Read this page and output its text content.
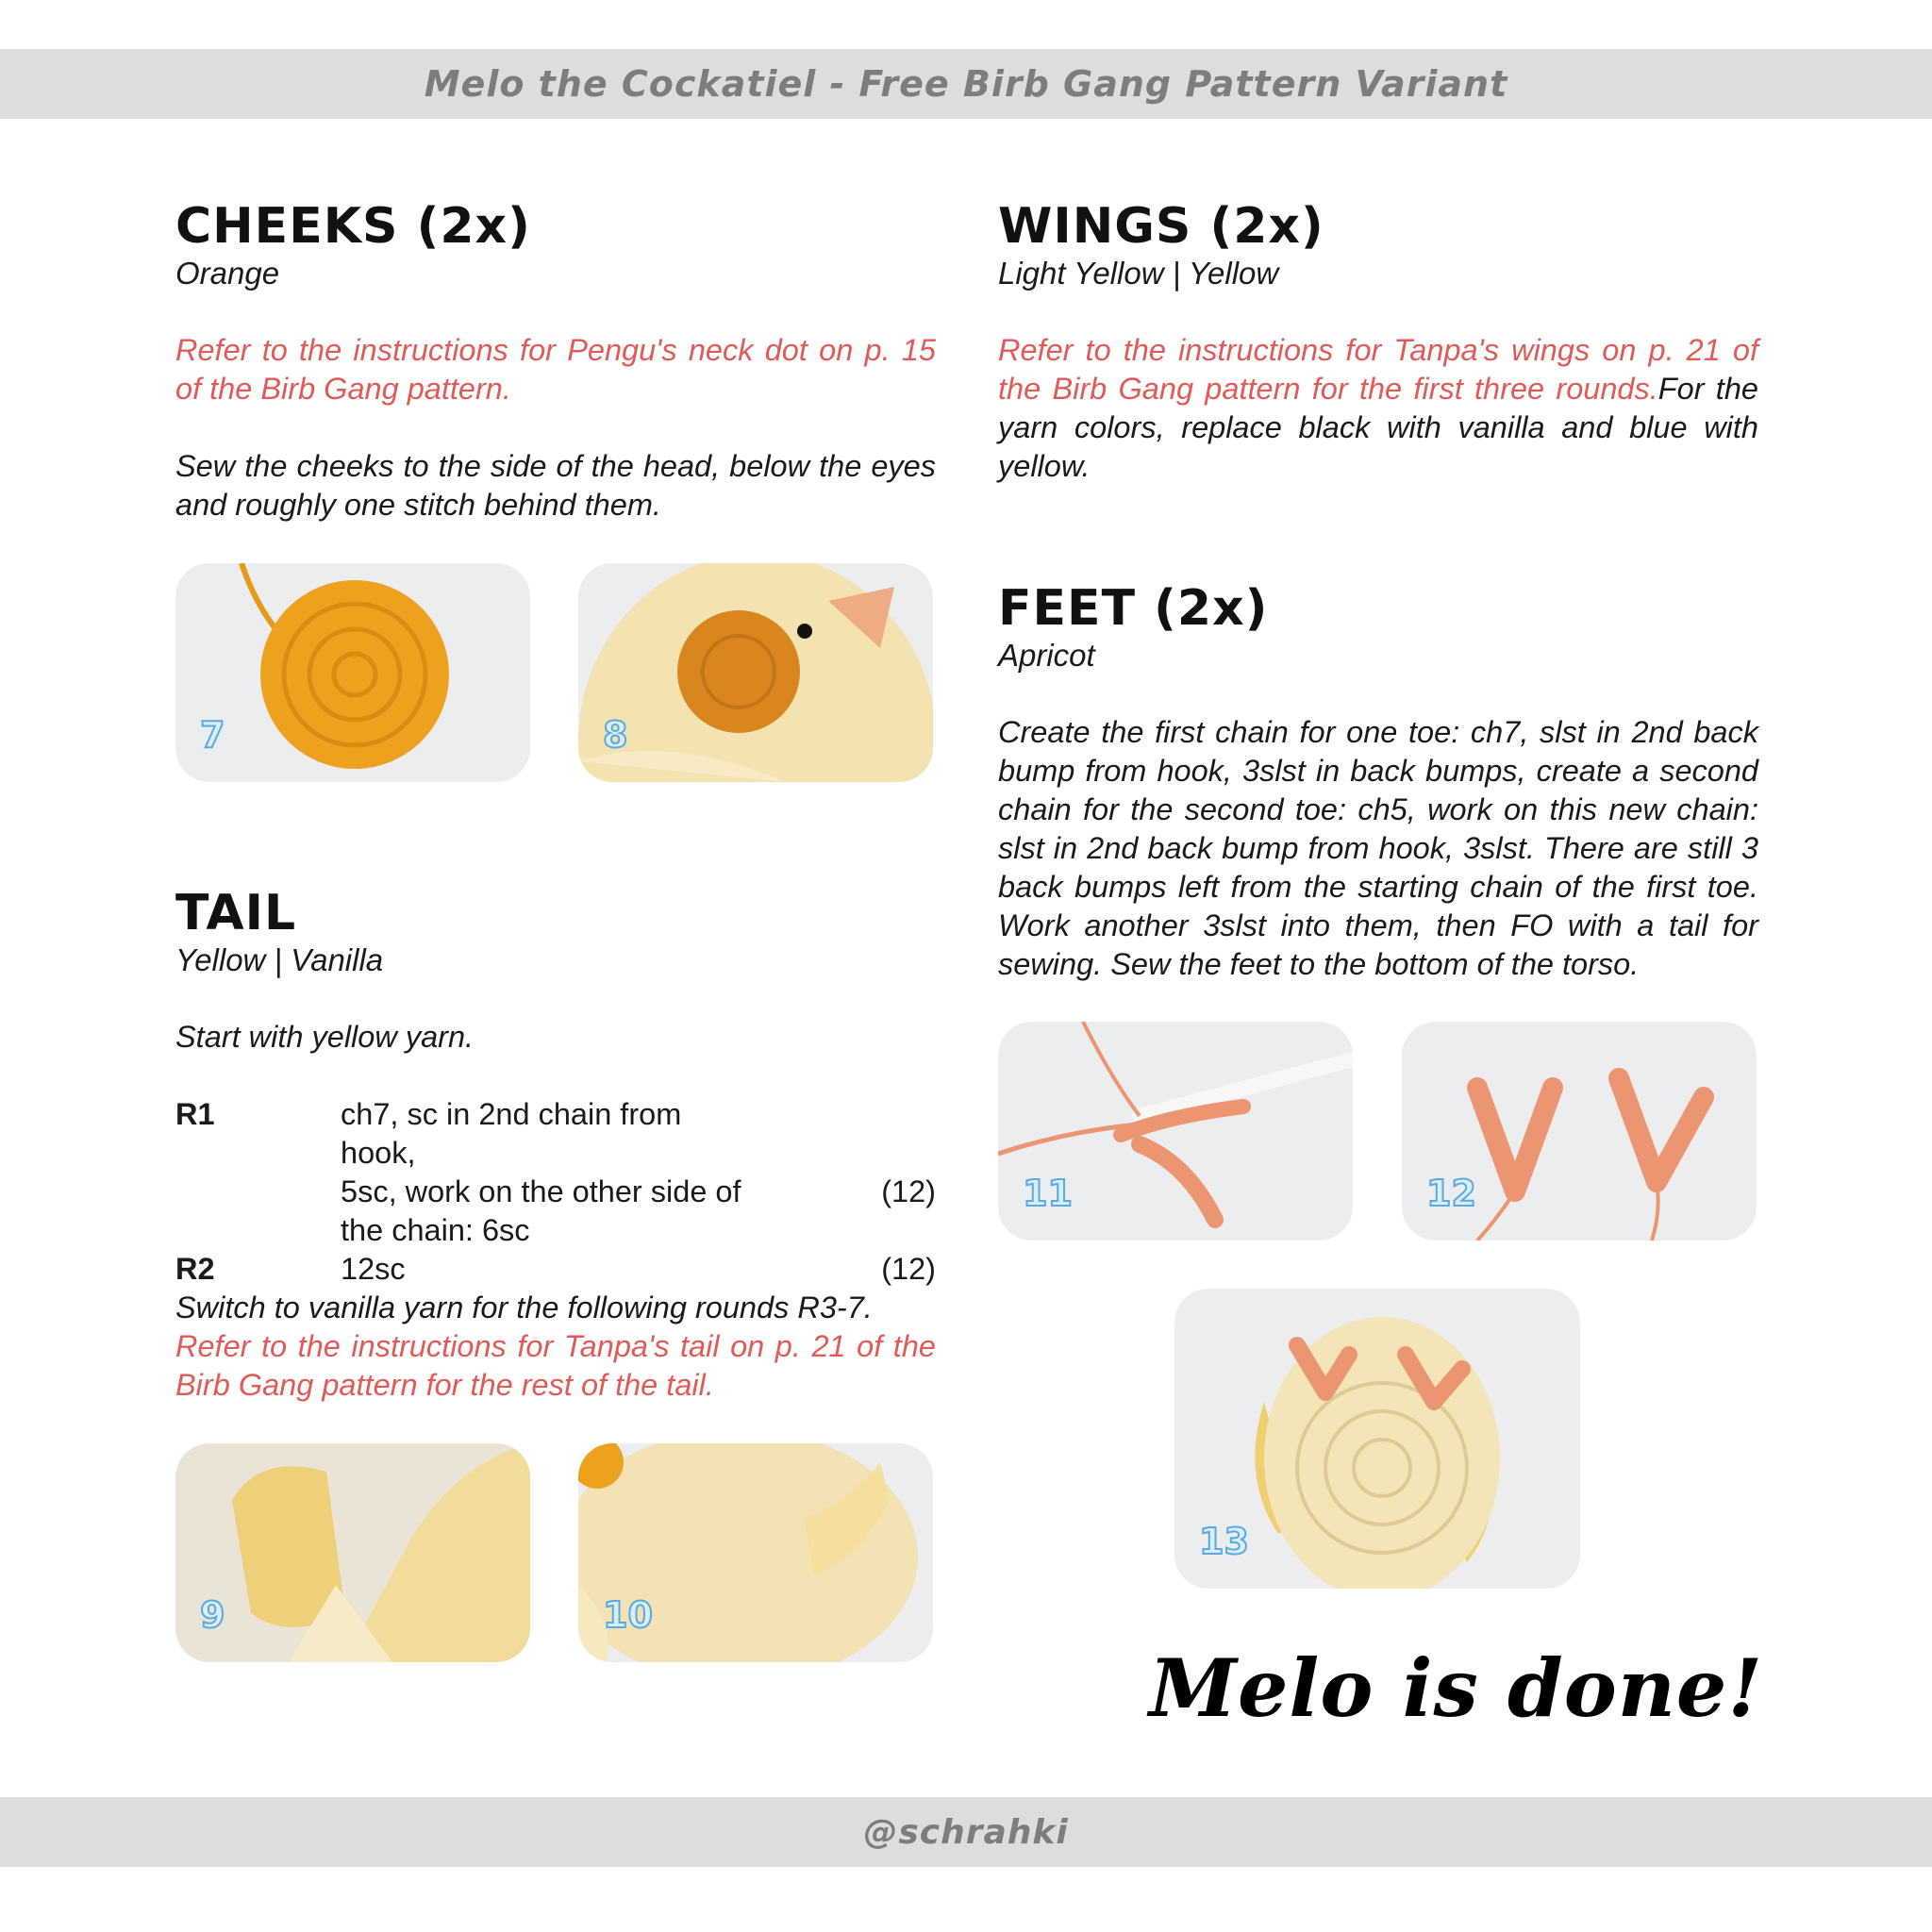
Melo the Cockatiel - Free Birb Gang Pattern Variant
CHEEKS (2x)

Orange

Refer to the instructions for Pengu's neck dot on p. 15 of the Birb Gang pattern.

Sew the cheeks to the side of the head, below the eyes and roughly one stitch behind them.

7	8
TAIL

Yellow | Vanilla

Start with yellow yarn.

R1	ch7, sc in 2nd chain from hook,
5sc, work on the other side of
the chain: 6sc
(12)
R2	12sc	(12)

Switch to vanilla yarn for the following rounds R3-7.

Refer to the instructions for Tanpa's tail on p. 21 of the Birb Gang pattern for the rest of the tail.

9	10
WINGS (2x)

Light Yellow | Yellow

Refer to the instructions for Tanpa's wings on p. 21 of the Birb Gang pattern for the first three rounds.For the yarn colors, replace black with vanilla and blue with yellow.

FEET (2x)

Apricot

Create the first chain for one toe: ch7, slst in 2nd back bump from hook, 3slst in back bumps, create a second chain for the second toe: ch5, work on this new chain: slst in 2nd back bump from hook, 3slst. There are still 3 back bumps left from the starting chain of the first toe. Work another 3slst into them, then FO with a tail for sewing. Sew the feet to the bottom of the torso.

11	12
13
Melo is done!
@schrahki
